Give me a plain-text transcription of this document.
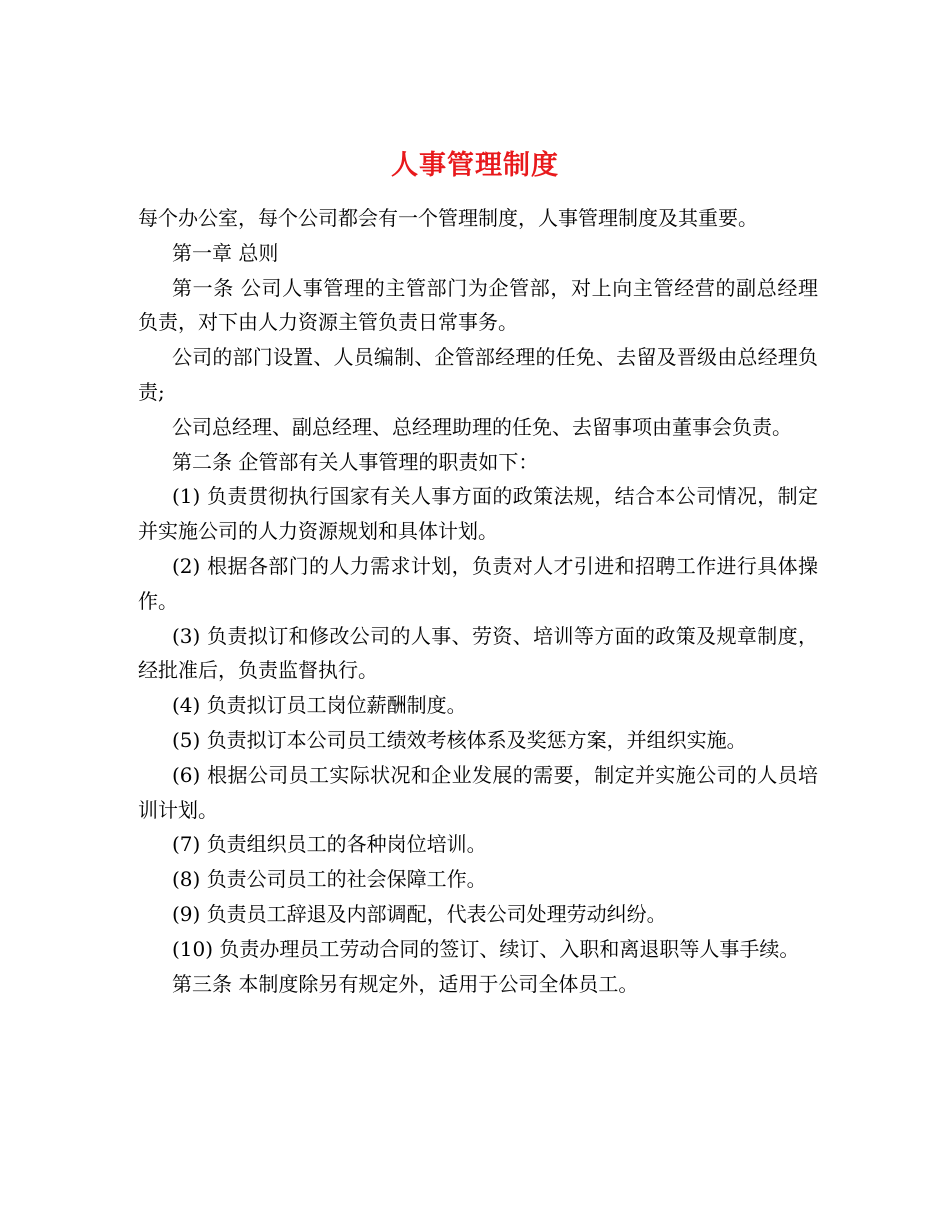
人事管理制度

每个办公室，每个公司都会有一个管理制度，人事管理制度及其重要。

第一章 总则

第一条 公司人事管理的主管部门为企管部，对上向主管经营的副总经理负责，对下由人力资源主管负责日常事务。

公司的部门设置、人员编制、企管部经理的任免、去留及晋级由总经理负责;

公司总经理、副总经理、总经理助理的任免、去留事项由董事会负责。

第二条 企管部有关人事管理的职责如下：

(1) 负责贯彻执行国家有关人事方面的政策法规，结合本公司情况，制定并实施公司的人力资源规划和具体计划。

(2) 根据各部门的人力需求计划，负责对人才引进和招聘工作进行具体操作。

(3) 负责拟订和修改公司的人事、劳资、培训等方面的政策及规章制度，经批准后，负责监督执行。

(4) 负责拟订员工岗位薪酬制度。

(5) 负责拟订本公司员工绩效考核体系及奖惩方案，并组织实施。

(6) 根据公司员工实际状况和企业发展的需要，制定并实施公司的人员培训计划。

(7) 负责组织员工的各种岗位培训。

(8) 负责公司员工的社会保障工作。

(9) 负责员工辞退及内部调配，代表公司处理劳动纠纷。

(10) 负责办理员工劳动合同的签订、续订、入职和离退职等人事手续。

第三条 本制度除另有规定外，适用于公司全体员工。
